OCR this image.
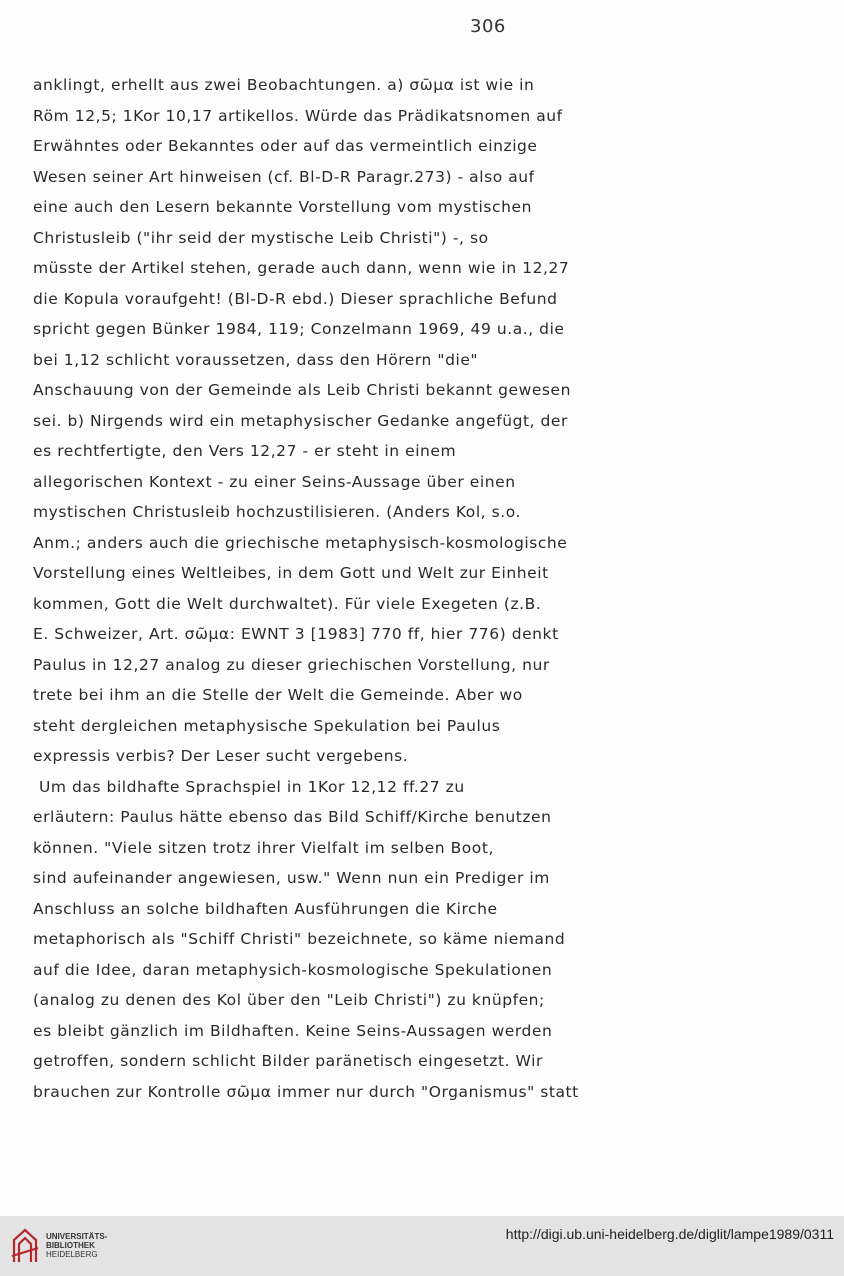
306
anklingt, erhellt aus zwei Beobachtungen. a) σῶμα ist wie in
Röm 12,5; 1Kor 10,17 artikellos. Würde das Prädikatsnomen auf
Erwähntes oder Bekanntes oder auf das vermeintlich einzige
Wesen seiner Art hinweisen (cf. Bl-D-R Paragr.273) - also auf
eine auch den Lesern bekannte Vorstellung vom mystischen
Christusleib ("ihr seid der mystische Leib Christi") -, so
müsste der Artikel stehen, gerade auch dann, wenn wie in 12,27
die Kopula voraufgeht! (Bl-D-R ebd.) Dieser sprachliche Befund
spricht gegen Bünker 1984, 119; Conzelmann 1969, 49 u.a., die
bei 1,12 schlicht voraussetzen, dass den Hörern "die"
Anschauung von der Gemeinde als Leib Christi bekannt gewesen
sei. b) Nirgends wird ein metaphysischer Gedanke angefügt, der
es rechtfertigte, den Vers 12,27 - er steht in einem
allegorischen Kontext - zu einer Seins-Aussage über einen
mystischen Christusleib hochzustilisieren. (Anders Kol, s.o.
Anm.; anders auch die griechische metaphysisch-kosmologische
Vorstellung eines Weltleibes, in dem Gott und Welt zur Einheit
kommen, Gott die Welt durchwaltet). Für viele Exegeten (z.B.
E. Schweizer, Art. σῶμα: EWNT 3 [1983] 770 ff, hier 776) denkt
Paulus in 12,27 analog zu dieser griechischen Vorstellung, nur
trete bei ihm an die Stelle der Welt die Gemeinde. Aber wo
steht dergleichen metaphysische Spekulation bei Paulus
expressis verbis? Der Leser sucht vergebens.
Um das bildhafte Sprachspiel in 1Kor 12,12 ff.27 zu
erläutern: Paulus hätte ebenso das Bild Schiff/Kirche benutzen
können. "Viele sitzen trotz ihrer Vielfalt im selben Boot,
sind aufeinander angewiesen, usw." Wenn nun ein Prediger im
Anschluss an solche bildhaften Ausführungen die Kirche
metaphorisch als "Schiff Christi" bezeichnete, so käme niemand
auf die Idee, daran metaphysich-kosmologische Spekulationen
(analog zu denen des Kol über den "Leib Christi") zu knüpfen;
es bleibt gänzlich im Bildhaften. Keine Seins-Aussagen werden
getroffen, sondern schlicht Bilder paränetisch eingesetzt. Wir
brauchen zur Kontrolle σῶμα immer nur durch "Organismus" statt
UNIVERSITÄTS-
BIBLIOTHEK
HEIDELBERG
http://digi.ub.uni-heidelberg.de/diglit/lampe1989/0311
